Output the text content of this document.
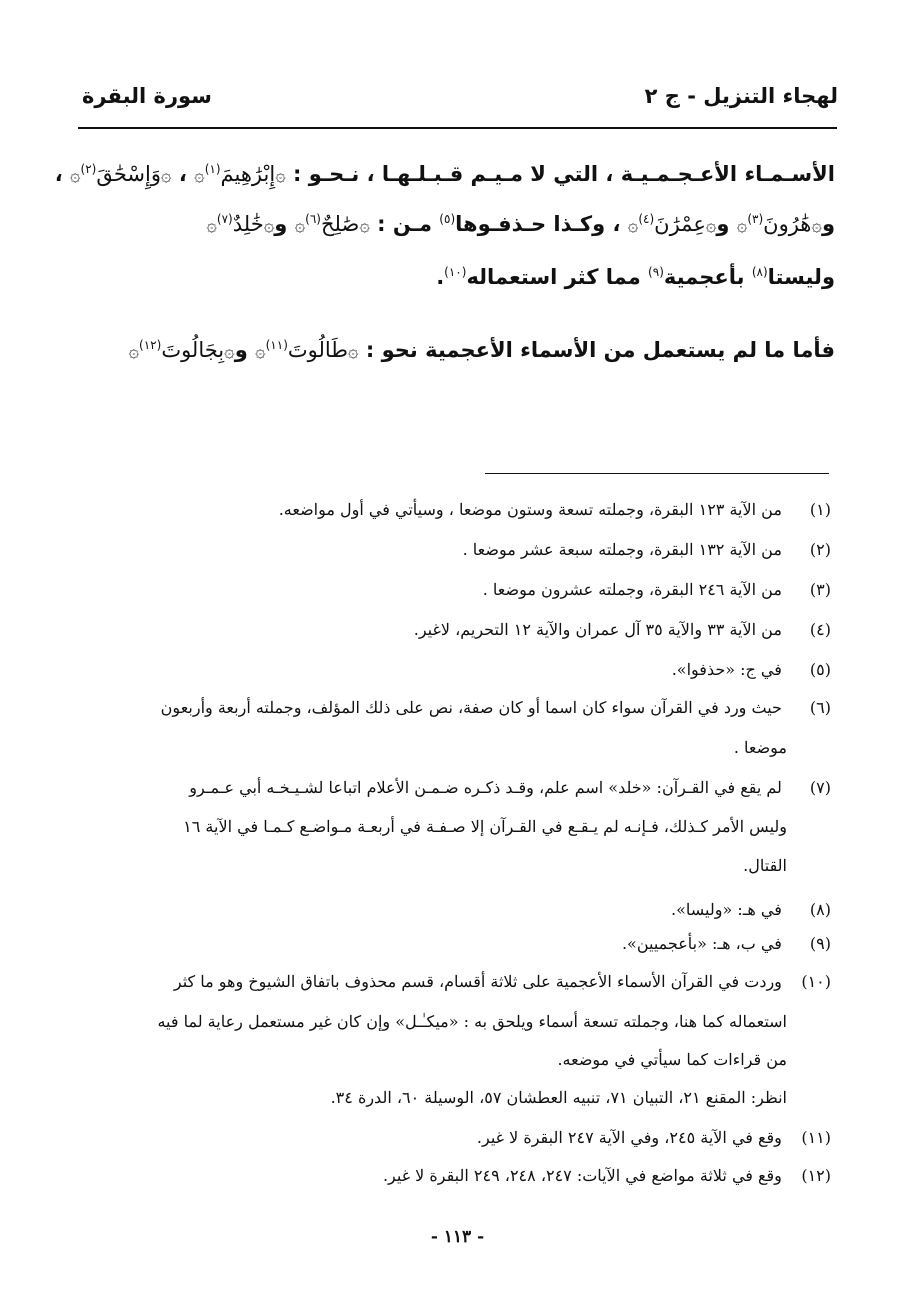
لهجاء التنزيل - ج ٢
سورة البقرة
الأسـمـاء الأعـجـمـيـة ، التي لا مـيـم قـبـلـهـا ، نـحـو : ۞إِبْرَٰهِيمَ$^{(١)}$۞ ، ۞وَإِسْحَٰقَ$^{(٢)}$۞ ،
و۞هَٰرُونَ$^{(٣)}$۞ و۞عِمْرَٰنَ$^{(٤)}$۞ ، وكـذا حـذفـوها$^{(٥)}$ مـن : ۞صَٰلِحٌ$^{(٦)}$۞ و۞خَٰلِدٌ$^{(٧)}$۞
وليستا$^{(٨)}$ بأعجمية$^{(٩)}$ مما كثر استعماله$^{(١٠)}$.
فأما ما لم يستعمل من الأسماء الأعجمية نحو : ۞طَالُوتَ$^{(١١)}$۞ و۞بِجَالُوتَ$^{(١٢)}$۞
(١) من الآية ١٢٣ البقرة، وجملته تسعة وستون موضعا ، وسيأتي في أول مواضعه.
(٢) من الآية ١٣٢ البقرة، وجملته سبعة عشر موضعا .
(٣) من الآية ٢٤٦ البقرة، وجملته عشرون موضعا .
(٤) من الآية ٣٣ والآية ٣٥ آل عمران والآية ١٢ التحريم، لاغير.
(٥) في ج: «حذفوا».
(٦) حيث ورد في القرآن سواء كان اسما أو كان صفة، نص على ذلك المؤلف، وجملته أربعة وأربعون
موضعا .
(٧) لم يقع في القـرآن: «خلد» اسم علم، وقـد ذكـره ضـمـن الأعلام اتباعا لشـيـخـه أبي عـمـرو
وليس الأمر كـذلك، فـإنـه لم يـقـع في القـرآن إلا صـفـة في أربعـة مـواضـع كـمـا في الآية ١٦
القتال.
(٨) في هـ: «وليسا».
(٩) في ب، هـ: «بأعجميين».
(١٠) وردت في القرآن الأسماء الأعجمية على ثلاثة أقسام، قسم محذوف باتفاق الشيوخ وهو ما كثر
استعماله كما هنا، وجملته تسعة أسماء ويلحق به : «ميكـٰـل» وإن كان غير مستعمل رعاية لما فيه
من قراءات كما سيأتي في موضعه.
انظر: المقنع ٢١، التبيان ٧١، تنبيه العطشان ٥٧، الوسيلة ٦٠، الدرة ٣٤.
(١١) وقع في الآية ٢٤٥، وفي الآية ٢٤٧ البقرة لا غير.
(١٢) وقع في ثلاثة مواضع في الآيات: ٢٤٧، ٢٤٨، ٢٤٩ البقرة لا غير.
- ١١٣ -
